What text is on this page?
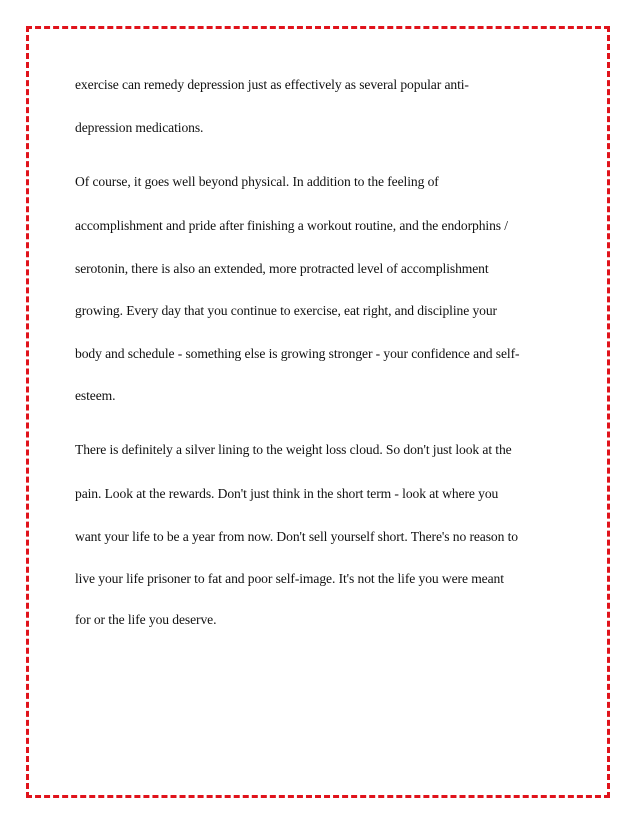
exercise can remedy depression just as effectively as several popular anti-
depression medications.
Of course, it goes well beyond physical. In addition to the feeling of
accomplishment and pride after finishing a workout routine, and the endorphins /
serotonin, there is also an extended, more protracted level of accomplishment
growing. Every day that you continue to exercise, eat right, and discipline your
body and schedule - something else is growing stronger - your confidence and self-
esteem.
There is definitely a silver lining to the weight loss cloud. So don't just look at the
pain. Look at the rewards. Don't just think in the short term - look at where you
want your life to be a year from now. Don't sell yourself short. There's no reason to
live your life prisoner to fat and poor self-image. It's not the life you were meant
for or the life you deserve.
